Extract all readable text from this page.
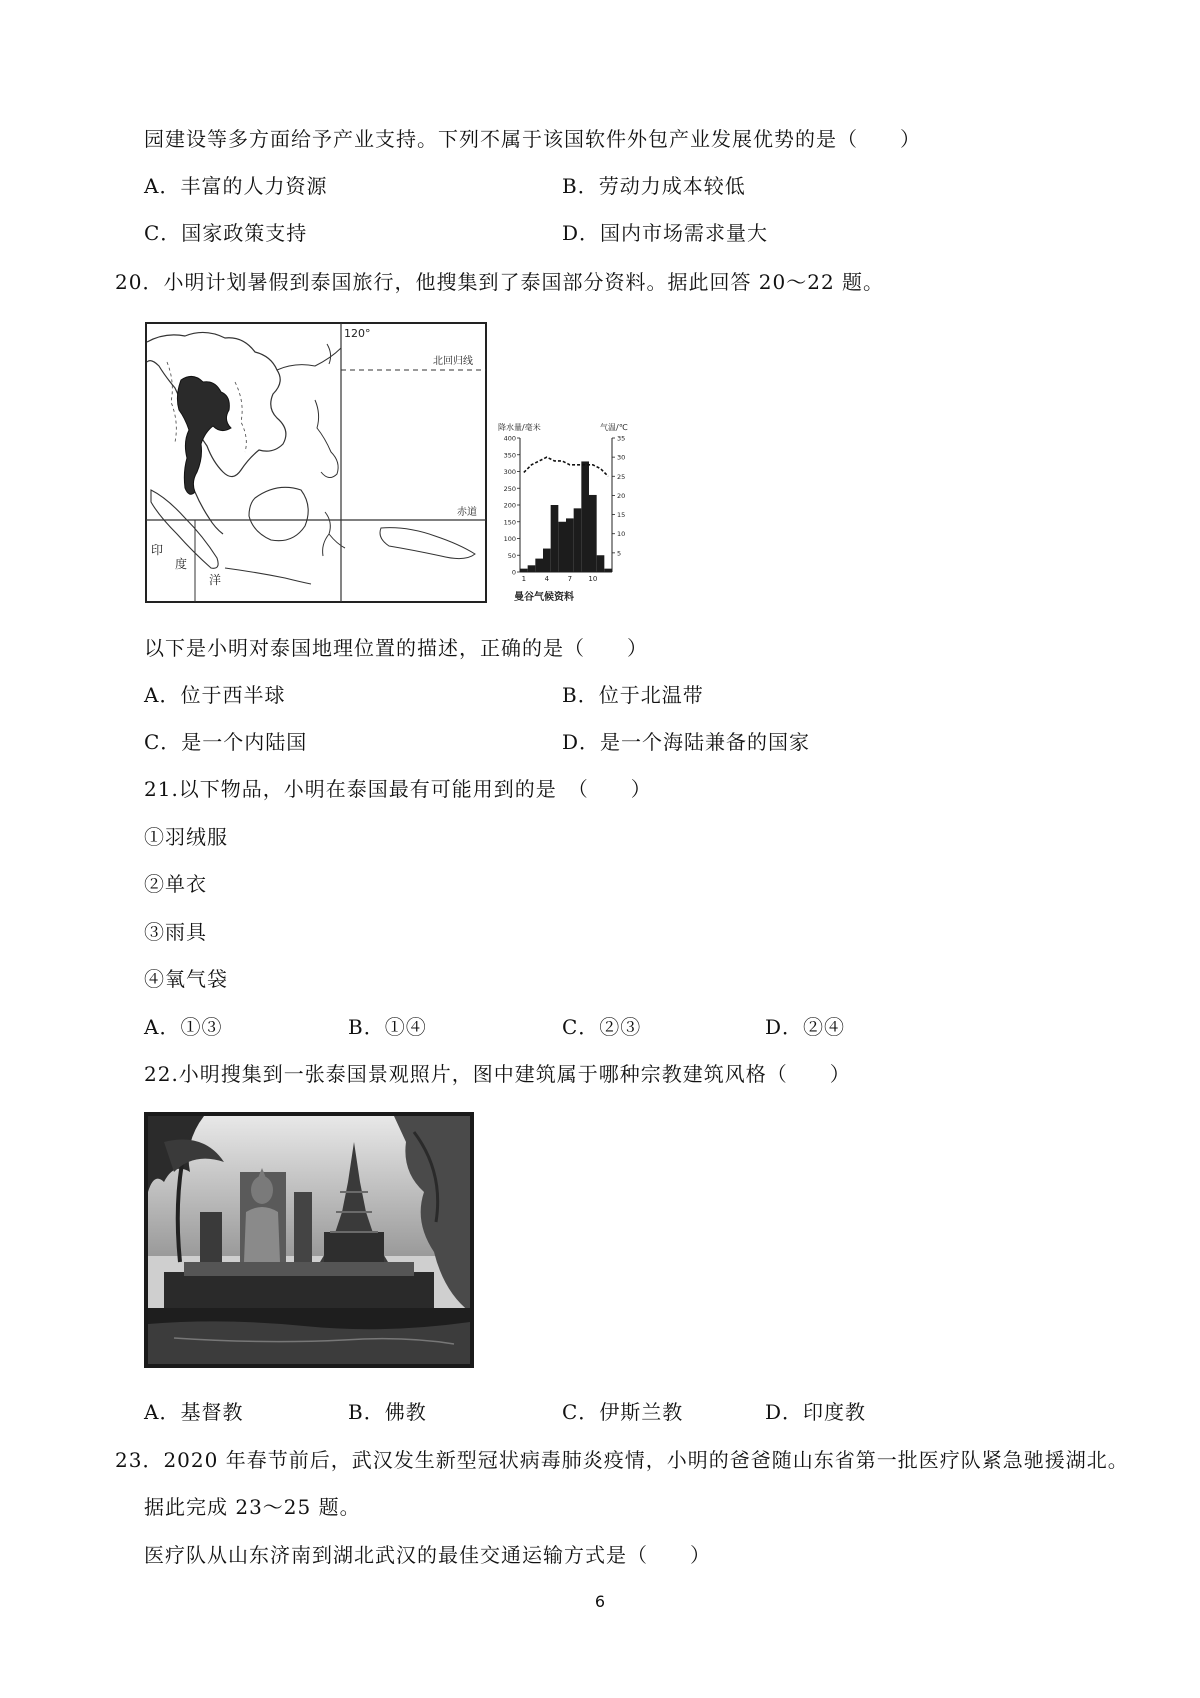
园建设等多方面给予产业支持。下列不属于该国软件外包产业发展优势的是（　　）
A．丰富的人力资源	B．劳动力成本较低
C．国家政策支持	D．国内市场需求量大
20．小明计划暑假到泰国旅行，他搜集到了泰国部分资料。据此回答 20～22 题。
120°
北回归线
赤道
印
度
洋
降水量/毫米	气温/℃
400
350
300
250
200
150
100
50
0
35
30
25
20
15
10
5
1	4	7 10
曼谷气候资料
以下是小明对泰国地理位置的描述，正确的是（　　）
A．位于西半球	B．位于北温带
C．是一个内陆国	D．是一个海陆兼备的国家
21.以下物品，小明在泰国最有可能用到的是　（　　）
①羽绒服
②单衣
③雨具
④氧气袋
A．①③	B．①④	C．②③	D．②④
22.小明搜集到一张泰国景观照片，图中建筑属于哪种宗教建筑风格（　　）
A．基督教	B．佛教	C．伊斯兰教	D．印度教
23．2020 年春节前后，武汉发生新型冠状病毒肺炎疫情，小明的爸爸随山东省第一批医疗队紧急驰援湖北。
据此完成 23～25 题。
医疗队从山东济南到湖北武汉的最佳交通运输方式是（　　）
6
